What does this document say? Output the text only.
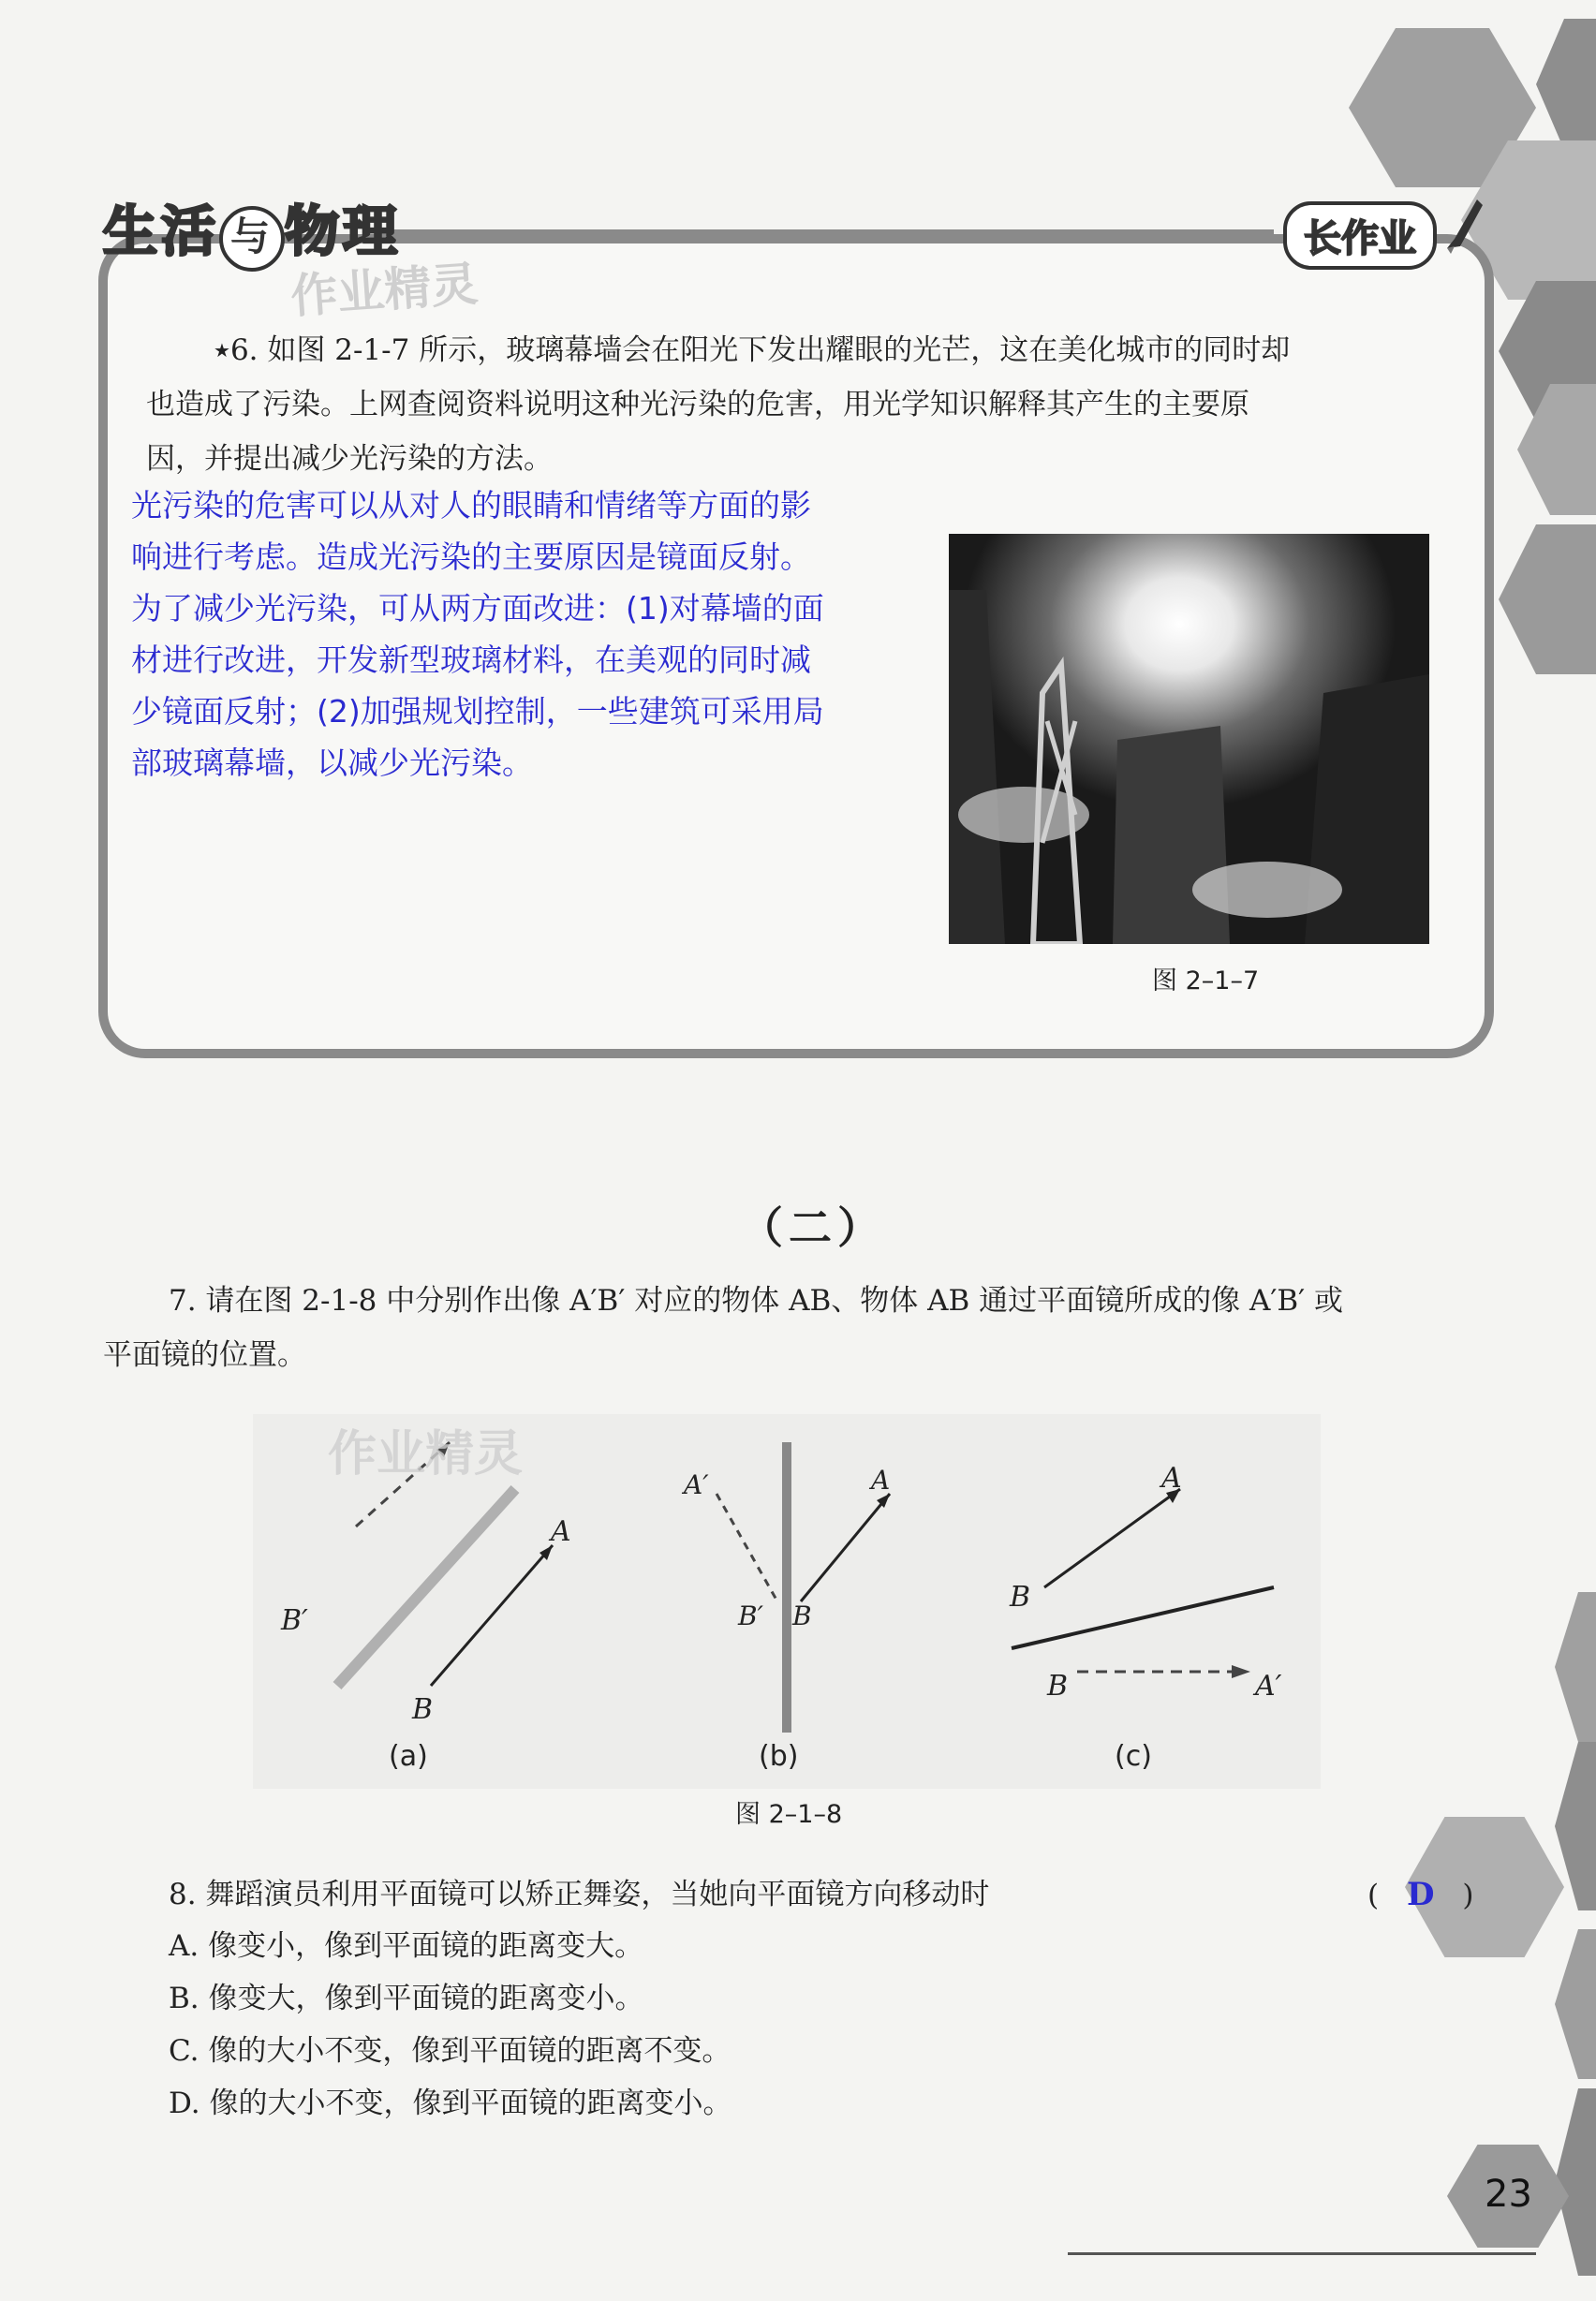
生活 与 物理
作业精灵
长作业
★6. 如图 2-1-7 所示，玻璃幕墙会在阳光下发出耀眼的光芒，这在美化城市的同时却
也造成了污染。上网查阅资料说明这种光污染的危害，用光学知识解释其产生的主要原
因，并提出减少光污染的方法。
光污染的危害可以从对人的眼睛和情绪等方面的影
响进行考虑。造成光污染的主要原因是镜面反射。
为了减少光污染，可从两方面改进：(1)对幕墙的面
材进行改进，开发新型玻璃材料，在美观的同时减
少镜面反射；(2)加强规划控制，一些建筑可采用局
部玻璃幕墙，以减少光污染。
图 2–1–7
（二）
7. 请在图 2-1-8 中分别作出像 A′B′ 对应的物体 AB、物体 AB 通过平面镜所成的像 A′B′ 或
平面镜的位置。
B′
A
B
(a)
A′	A
B′ B
(b)
A
B
B	A′
(c)
作业精灵
图 2–1–8
8. 舞蹈演员利用平面镜可以矫正舞姿，当她向平面镜方向移动时	( D )
A. 像变小，像到平面镜的距离变大。
B. 像变大，像到平面镜的距离变小。
C. 像的大小不变，像到平面镜的距离不变。
D. 像的大小不变，像到平面镜的距离变小。
23
